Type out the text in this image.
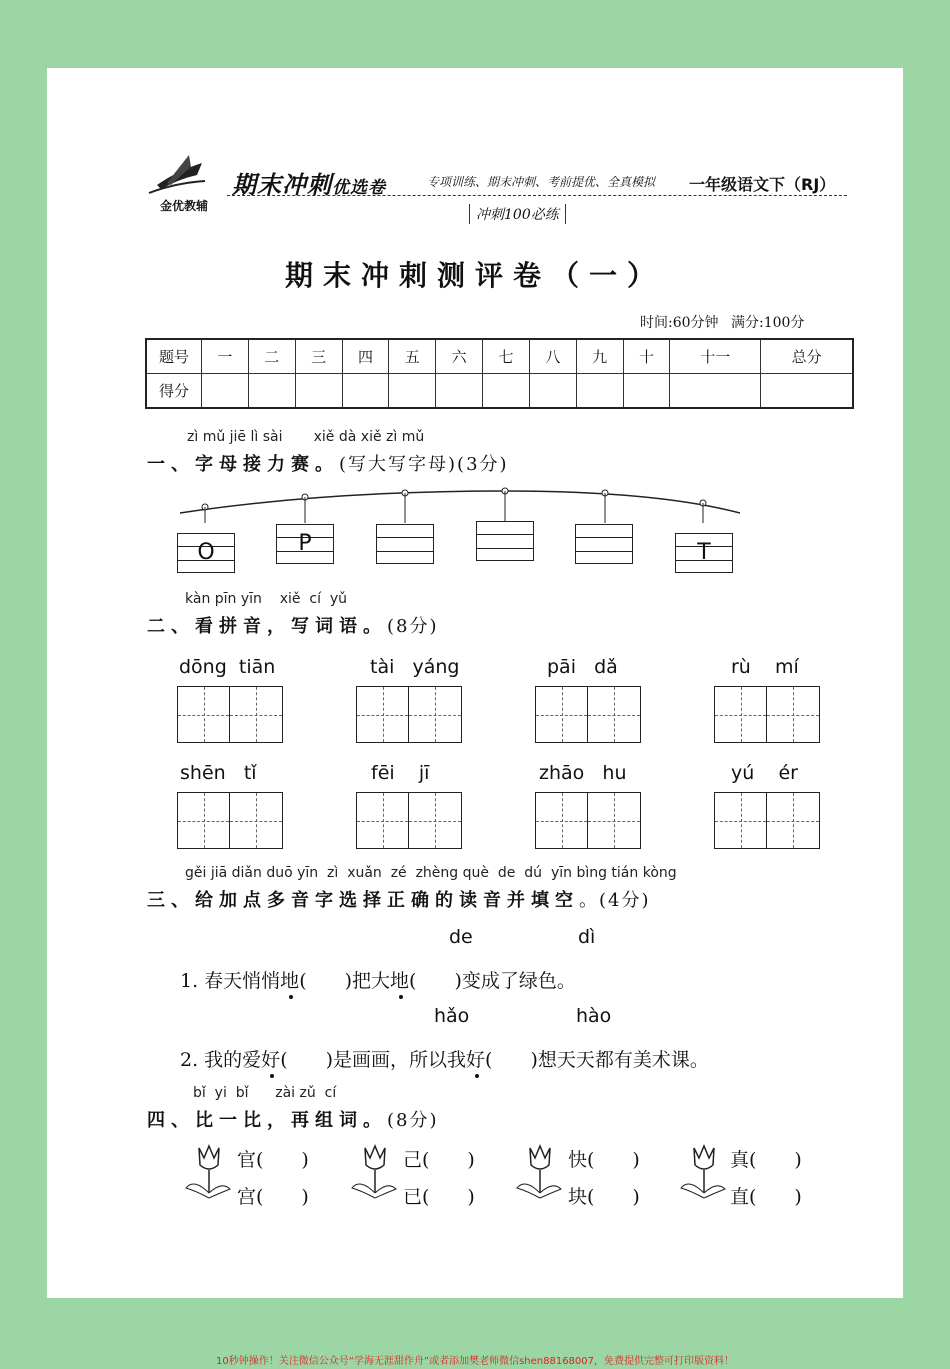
期末冲刺优选卷
金优教辅
专项训练、期末冲刺、考前提优、全真模拟 一年级语文下（RJ）
冲刺100必练
期末冲刺测评卷（一）
时间:60分钟 满分:100分
题号	一	二	三	四	五	六	七	八	九	十	十一	总分
得分												
zì mǔ jiē lì sài       xiě dà xiě zì mǔ
一、字母接力赛。(写大写字母)(3分)
O	P	T
kàn pīn yīn    xiě  cí  yǔ
二、看拼音，写词语。(8分)
dōng tiān	tài yáng	pāi dǎ	rù mí
shēn tǐ	fēi jī	zhāo hu	yú ér
gěi jiā diǎn duō yīn  zì  xuǎn  zé  zhèng què  de  dú  yīn bìng tián kòng
三、给加点多音字选择正确的读音并填空。(4分)
de	dì
1. 春天悄悄地(　　)把大地(　　)变成了绿色。
hǎo	hào
2. 我的爱好(　　)是画画，所以我好(　　)想天天都有美术课。
bǐ  yi  bǐ      zài zǔ  cí
四、比一比，再组词。(8分)
官(　　)
宫(　　)
己(　　)
已(　　)
快(　　)
块(　　)
真(　　)
直(　　)
10秒钟操作！关注微信公众号“学海无涯甜作舟”或者添加樊老师微信shen88168007，免费提供完整可打印版资料！
